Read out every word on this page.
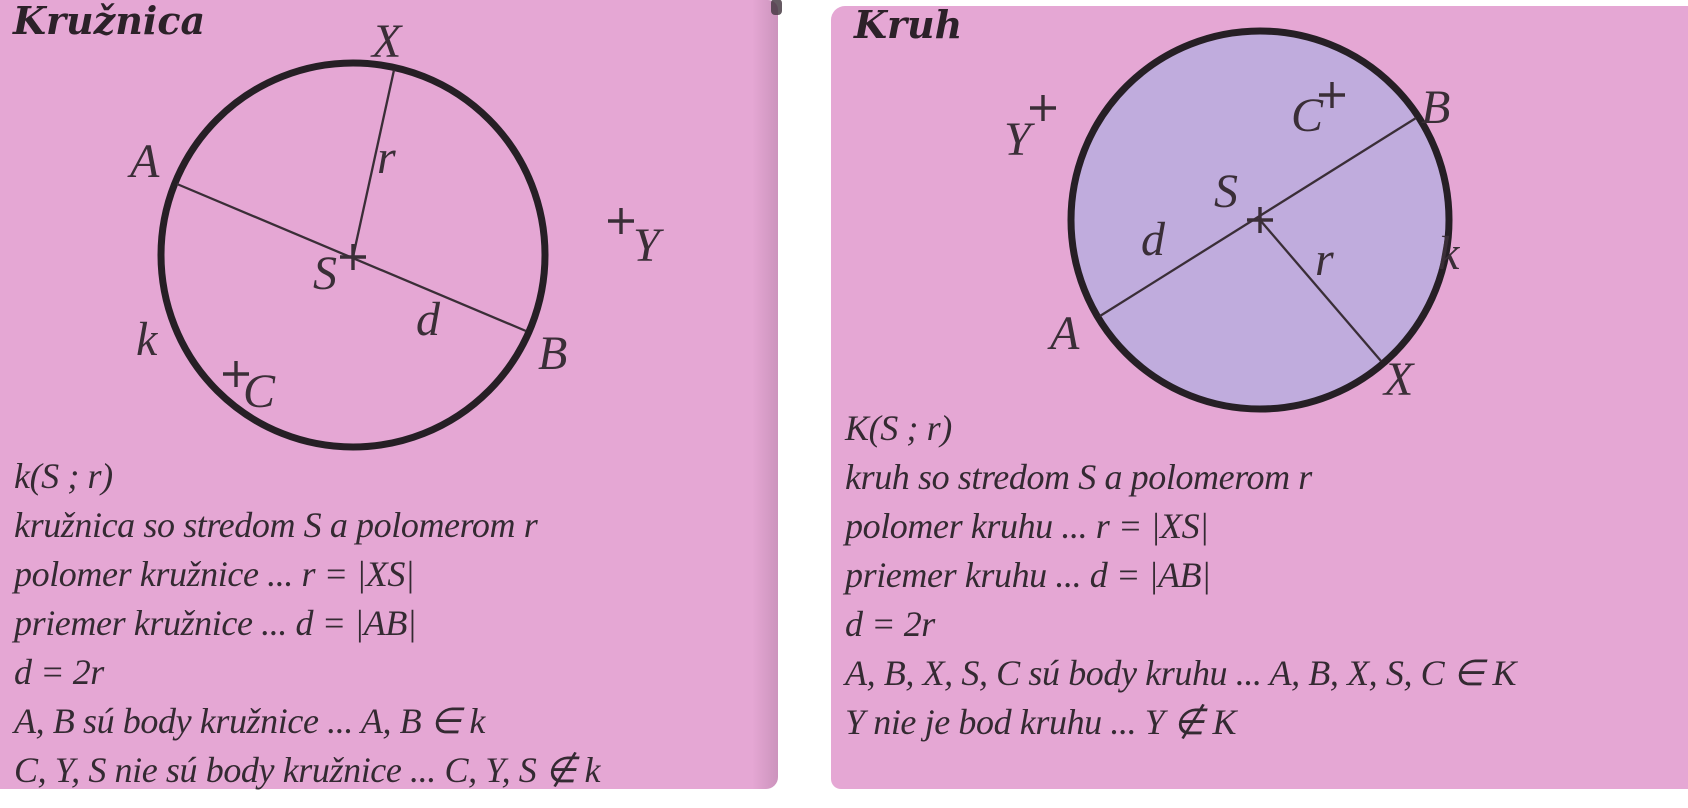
Kružnica	X
A	r
S
d
B
k
C
Y
k(S ; r)
kružnica so stredom S a polomerom r
polomer kružnice ... r = |XS|
priemer kružnice ... d = |AB|
d = 2r
A, B sú body kružnice ... A, B ∈ k
C, Y, S nie sú body kružnice ... C, Y, S ∉ k
Kruh
Y	C B
S
d	r k
A
X
K(S ; r)
kruh so stredom S a polomerom r
polomer kruhu ... r = |XS|
priemer kruhu ... d = |AB|
d = 2r
A, B, X, S, C sú body kruhu ... A, B, X, S, C ∈ K
Y nie je bod kruhu ... Y ∉ K
